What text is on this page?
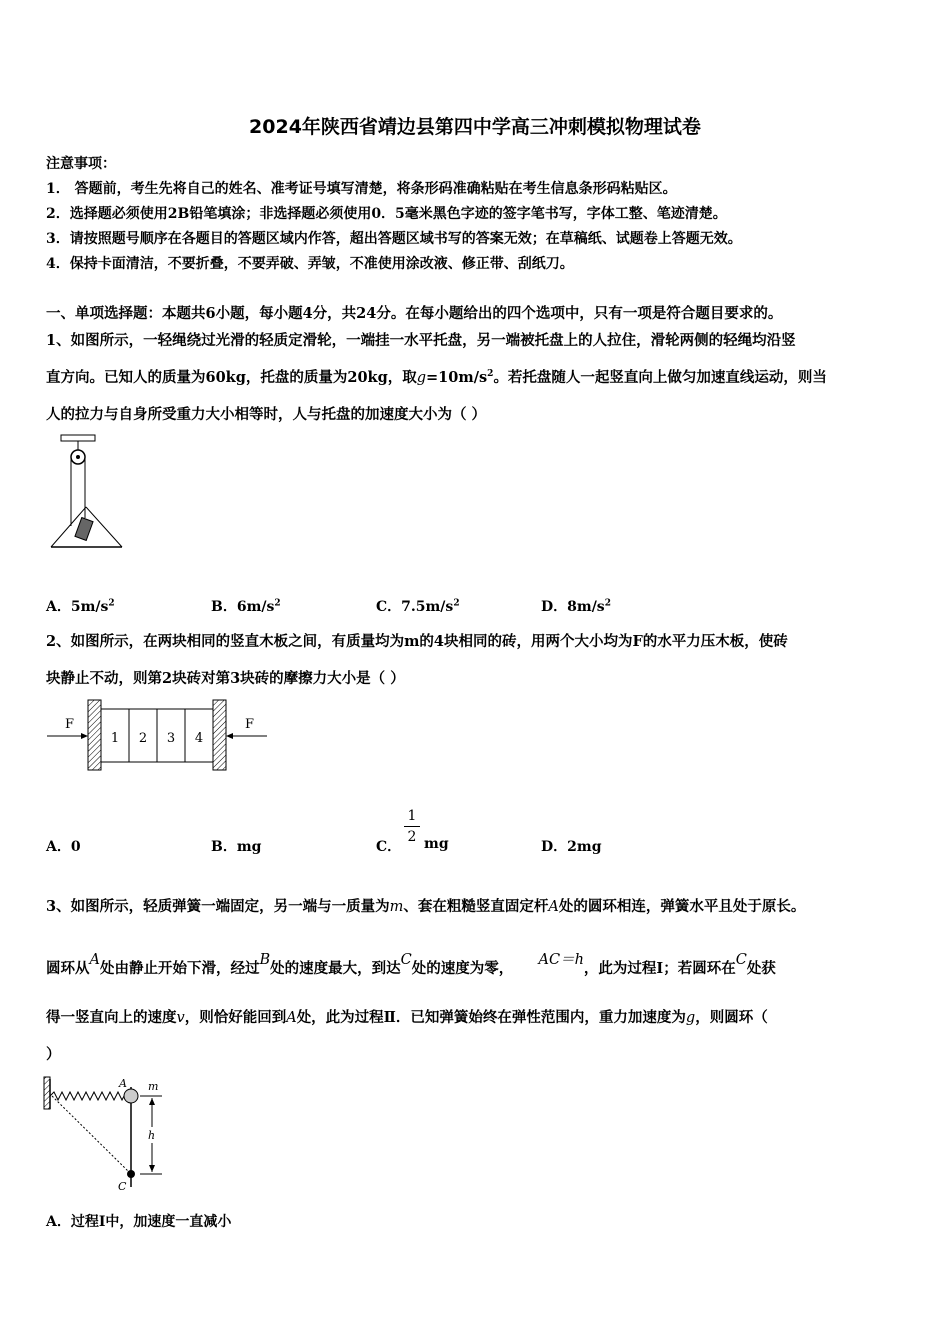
2024年陕西省靖边县第四中学高三冲刺模拟物理试卷
注意事项：
1． 答题前，考生先将自己的姓名、准考证号填写清楚，将条形码准确粘贴在考生信息条形码粘贴区。
2．选择题必须使用2B铅笔填涂；非选择题必须使用0．5毫米黑色字迹的签字笔书写，字体工整、笔迹清楚。
3．请按照题号顺序在各题目的答题区域内作答，超出答题区域书写的答案无效；在草稿纸、试题卷上答题无效。
4．保持卡面清洁，不要折叠，不要弄破、弄皱，不准使用涂改液、修正带、刮纸刀。
一、单项选择题：本题共6小题，每小题4分，共24分。在每小题给出的四个选项中，只有一项是符合题目要求的。
1、如图所示，一轻绳绕过光滑的轻质定滑轮，一端挂一水平托盘，另一端被托盘上的人拉住，滑轮两侧的轻绳均沿竖
直方向。已知人的质量为60kg，托盘的质量为20kg，取$g=10m/s^2$。若托盘随人一起竖直向上做匀加速直线运动，则当
人的拉力与自身所受重力大小相等时，人与托盘的加速度大小为（ ）
A．$5m/s^2$	B．$6m/s^2$	C．$7.5m/s^2$	D．$8m/s^2$
2、如图所示，在两块相同的竖直木板之间，有质量均为m的4块相同的砖，用两个大小均为F的水平力压木板，使砖
块静止不动，则第2块砖对第3块砖的摩擦力大小是（ ）
1 2 3 4
F	F
A．0	B．mg	C．
1
2 mg	D．2mg
3、如图所示，轻质弹簧一端固定，另一端与一质量为m、套在粗糙竖直固定杆A处的圆环相连，弹簧水平且处于原长。
圆环从A处由静止开始下滑，经过B处的速度最大，到达C处的速度为零， AC＝h，此为过程Ⅰ；若圆环在C处获
得一竖直向上的速度v，则恰好能回到A处，此为过程Ⅱ．已知弹簧始终在弹性范围内，重力加速度为g，则圆环（
）
A
C
m
h
A．过程Ⅰ中，加速度一直减小
